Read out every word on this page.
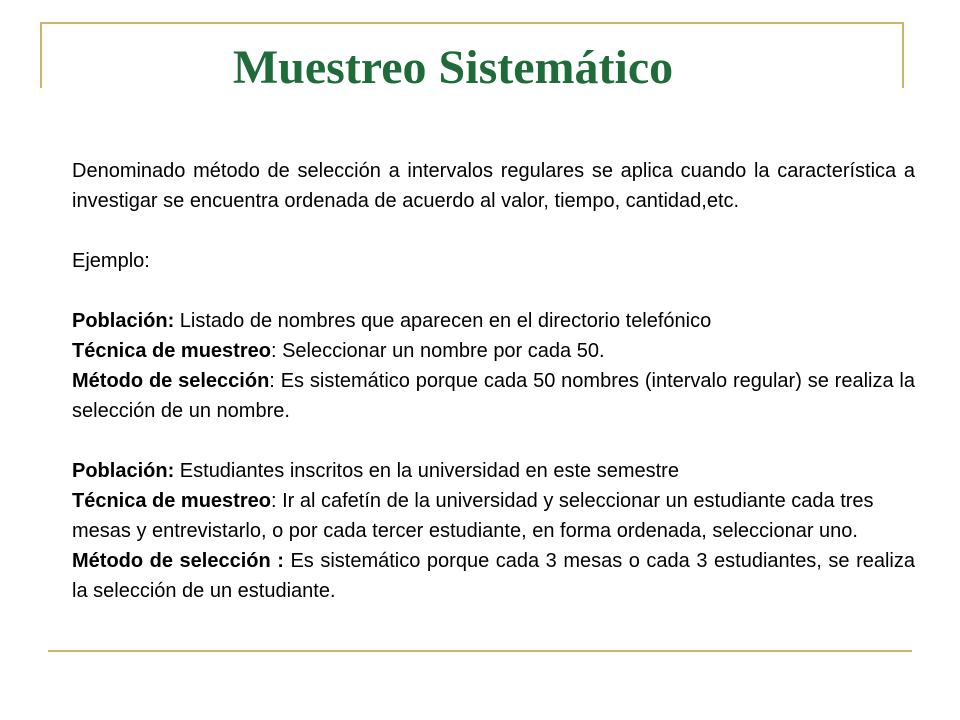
Muestreo Sistemático

Denominado método de selección a intervalos regulares se aplica cuando la característica a investigar se encuentra ordenada de acuerdo al valor, tiempo, cantidad,etc.

Ejemplo:

Población: Listado de nombres que aparecen en el directorio telefónico

Técnica de muestreo: Seleccionar un nombre por cada 50.

Método de selección: Es sistemático porque cada 50 nombres (intervalo regular) se realiza la selección de un nombre.

Población: Estudiantes inscritos en la universidad en este semestre

Técnica de muestreo: Ir al cafetín de la universidad y seleccionar un estudiante cada tres mesas y entrevistarlo, o por cada tercer estudiante, en forma ordenada, seleccionar uno.

Método de selección : Es sistemático porque cada 3 mesas o cada 3 estudiantes, se realiza la selección de un estudiante.
